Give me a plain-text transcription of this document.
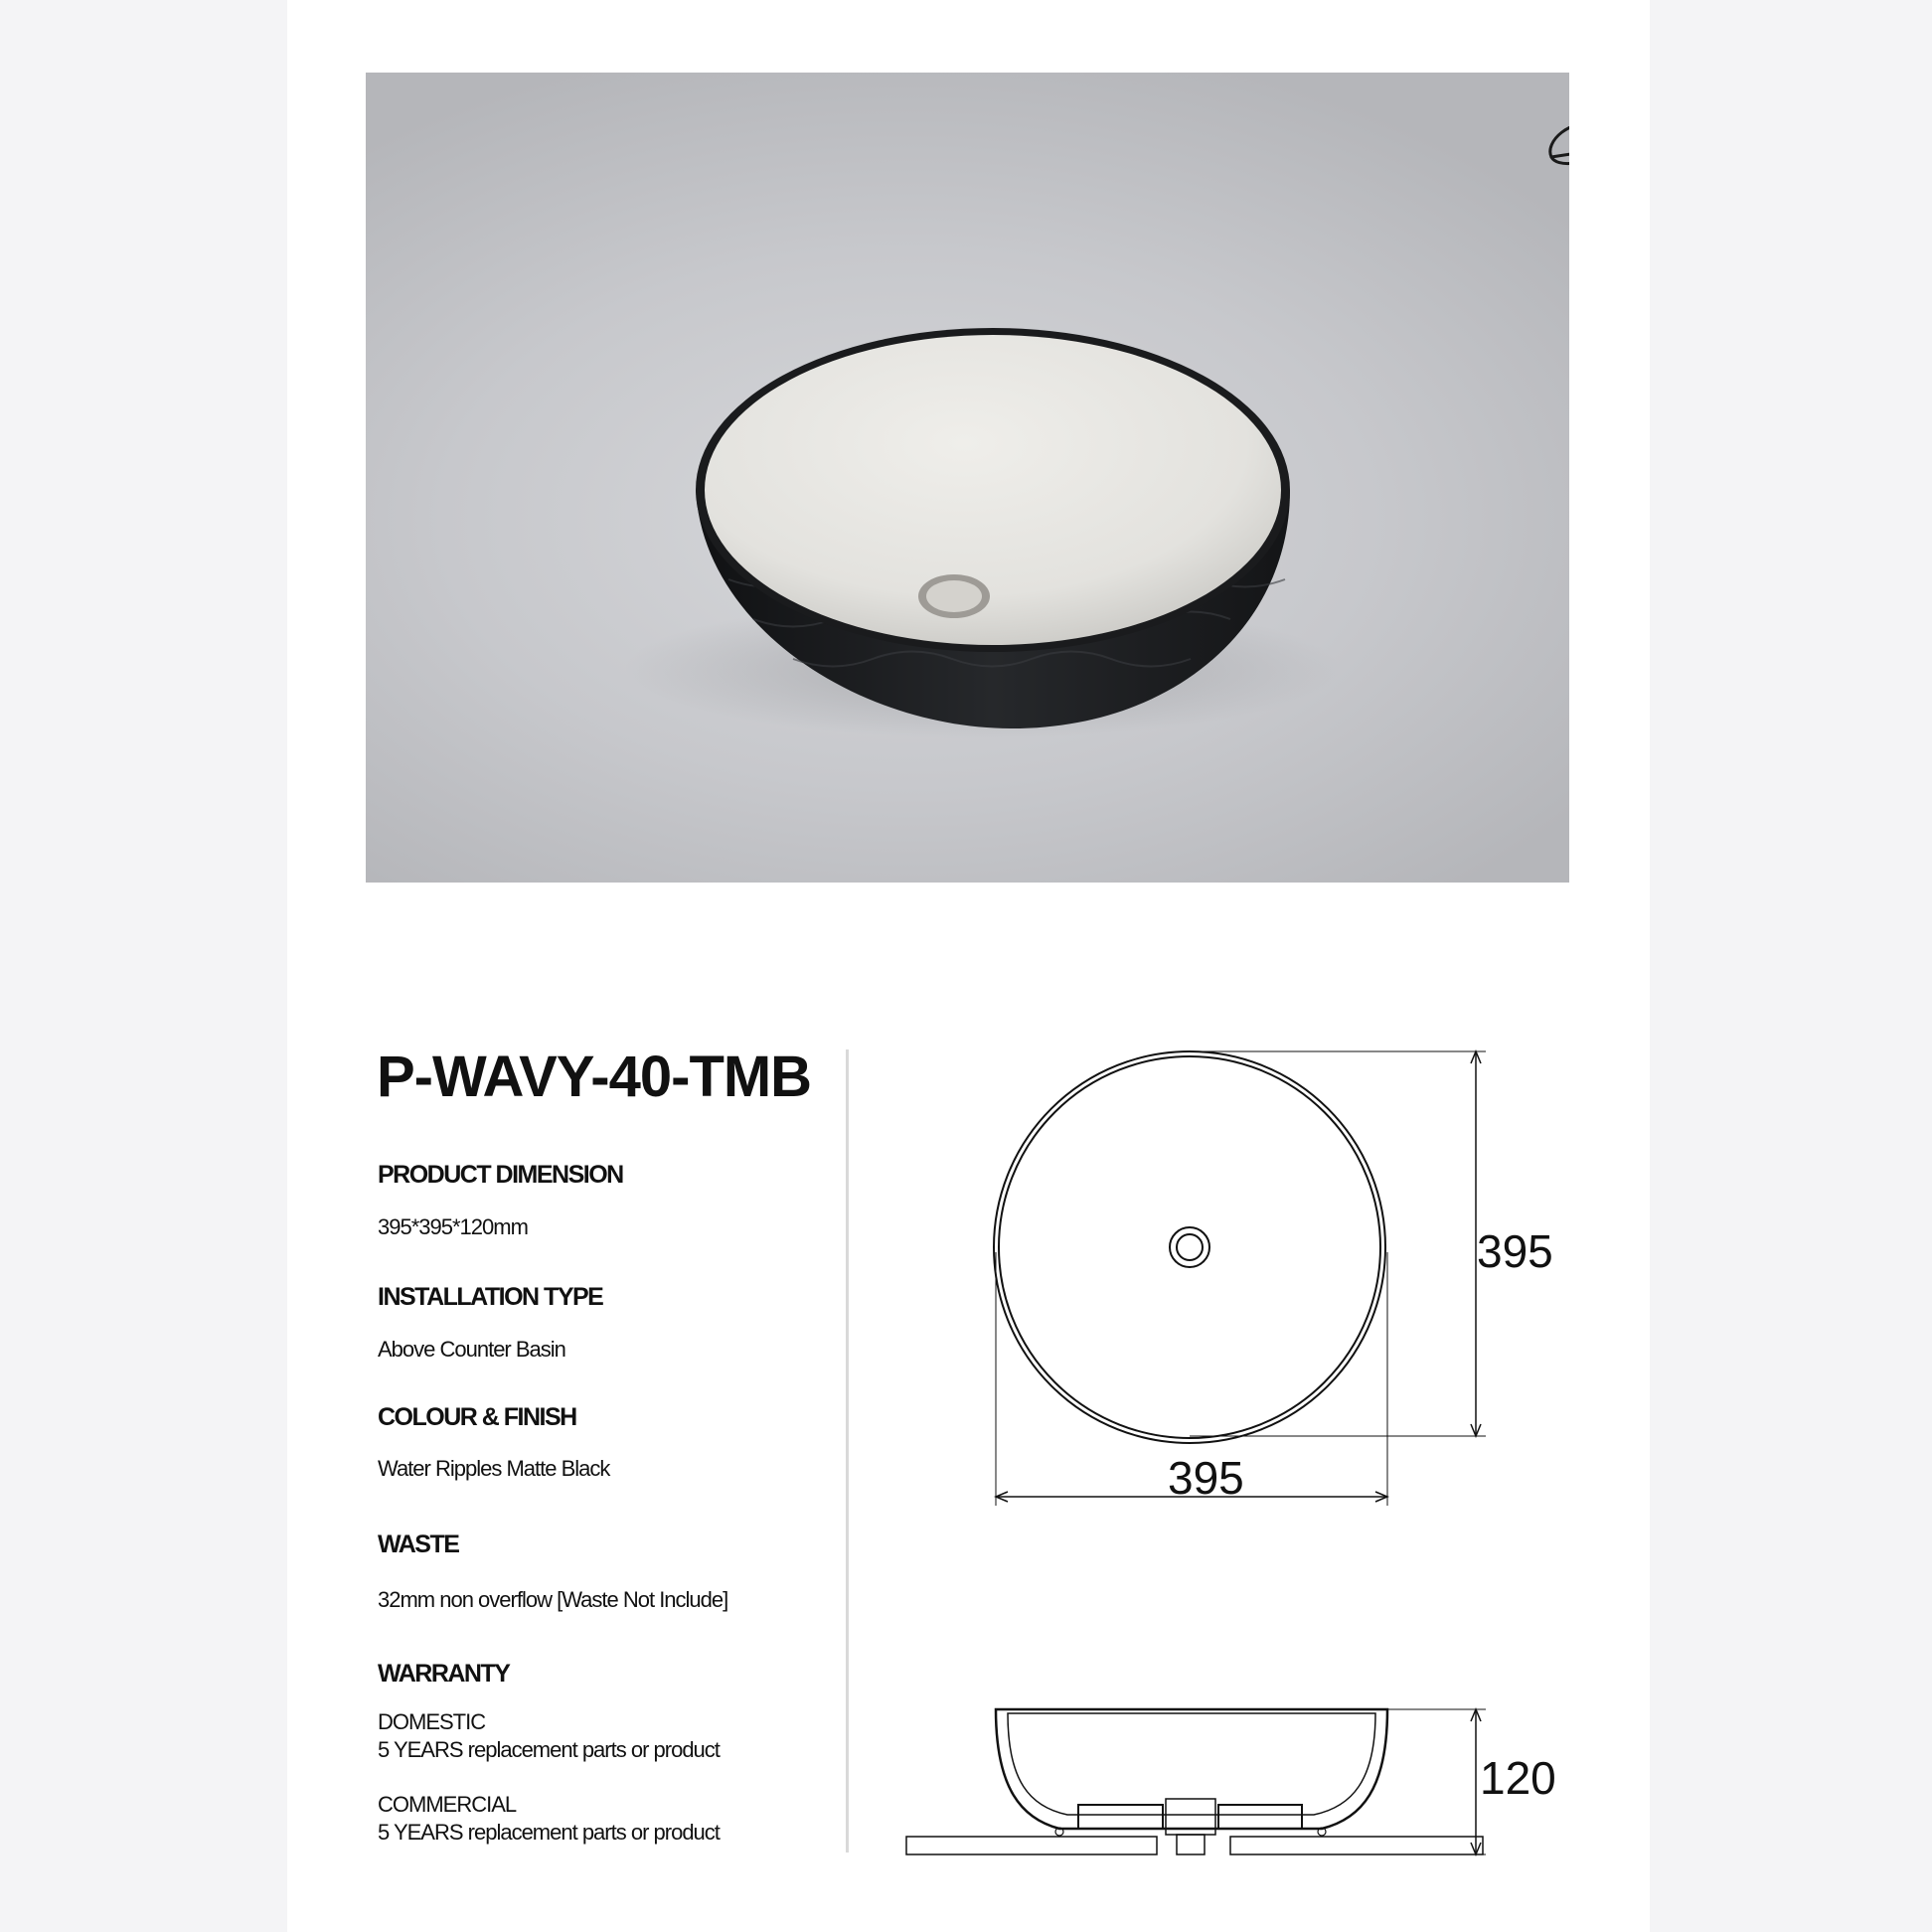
P-WAVY-40-TMB

PRODUCT DIMENSION

395*395*120mm

INSTALLATION TYPE

Above Counter Basin

COLOUR & FINISH

Water Ripples Matte Black

WASTE

32mm non overflow [Waste Not Include]

WARRANTY

DOMESTIC

5 YEARS replacement parts or product

COMMERCIAL

5 YEARS replacement parts or product

395
395
120
